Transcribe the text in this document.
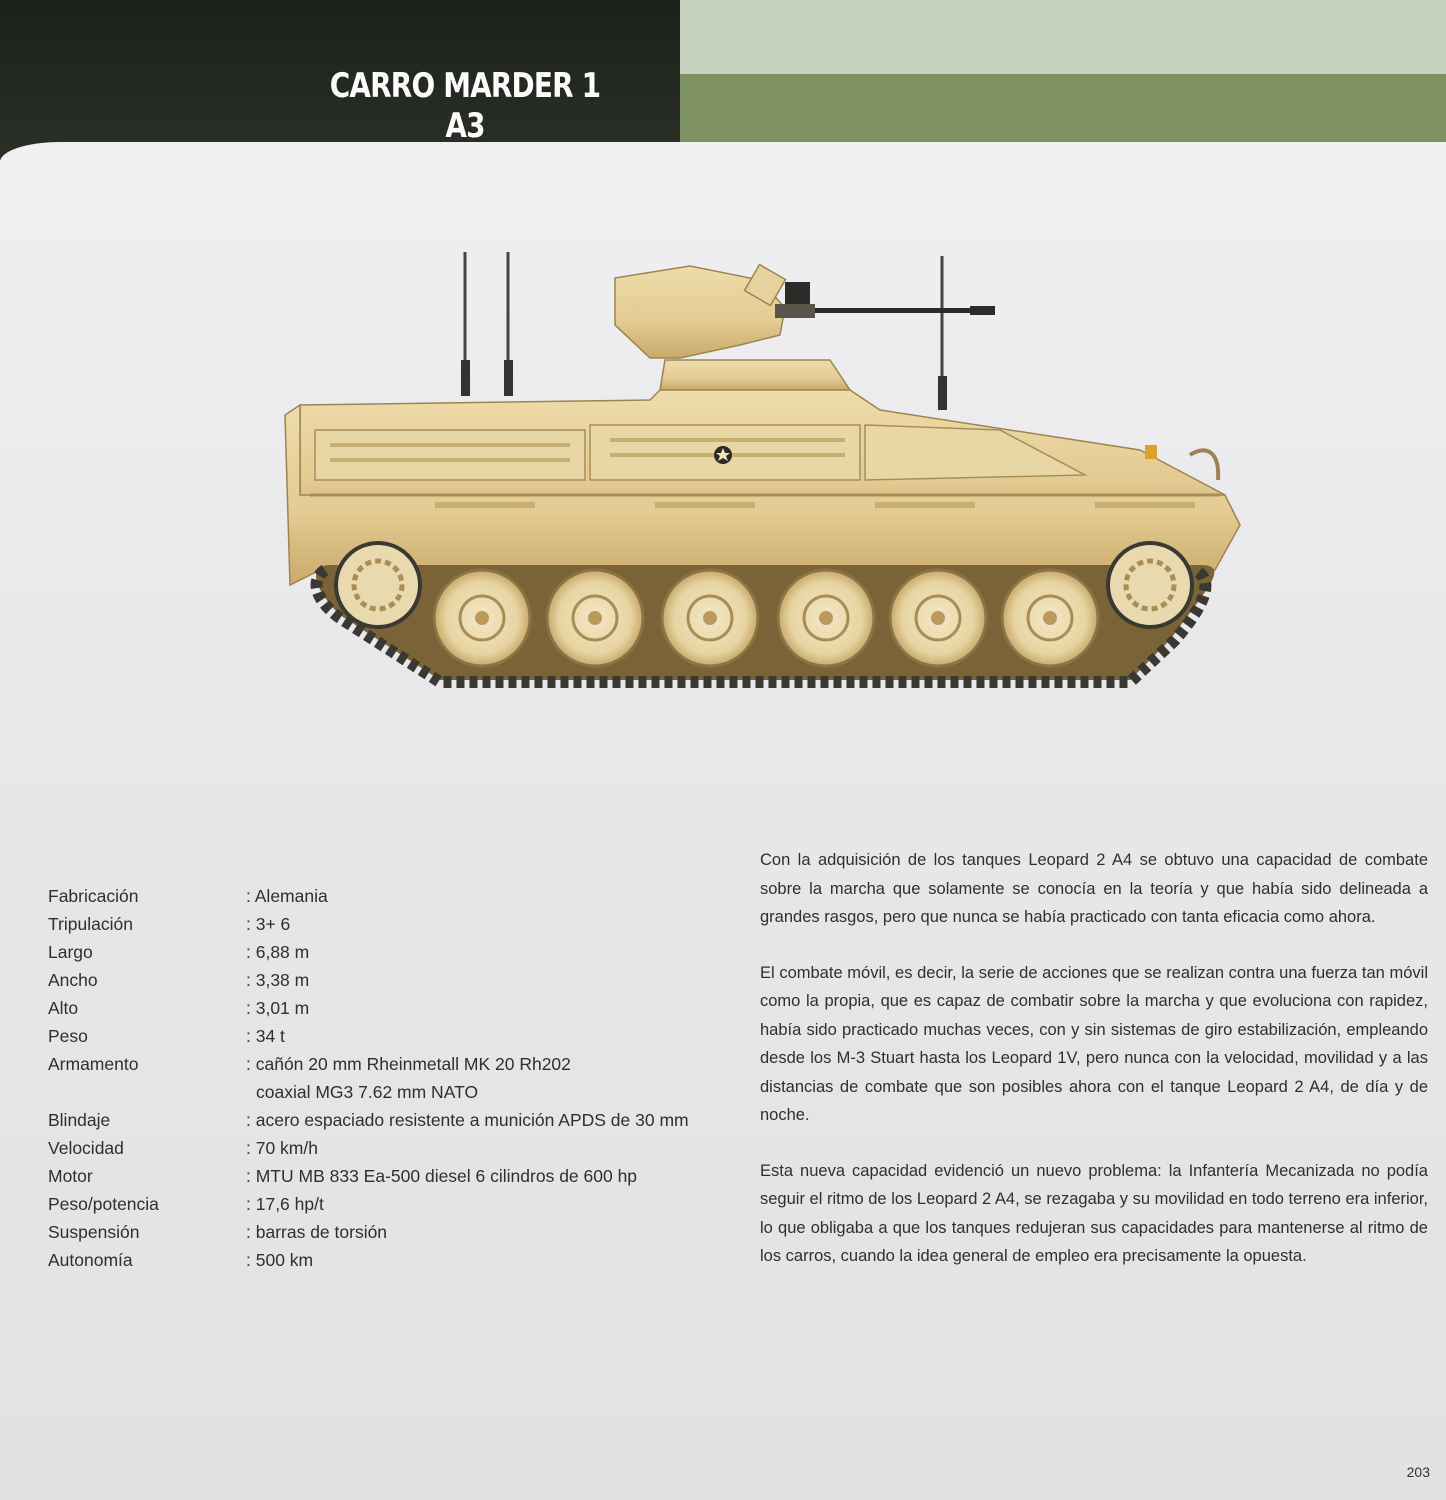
CARRO MARDER 1 A3
Fabricación	: Alemania
Tripulación	: 3+ 6
Largo	: 6,88 m
Ancho	: 3,38 m
Alto	: 3,01 m
Peso	: 34 t
Armamento	: cañón 20 mm Rheinmetall MK 20 Rh202 coaxial MG3 7.62 mm NATO
Blindaje	: acero espaciado resistente a munición APDS de 30 mm
Velocidad	: 70 km/h
Motor	: MTU MB 833 Ea-500 diesel 6 cilindros de 600 hp
Peso/potencia	: 17,6 hp/t
Suspensión	: barras de torsión
Autonomía	: 500 km

Con la adquisición de los tanques Leopard 2 A4 se obtuvo una capacidad de combate sobre la marcha que solamente se conocía en la teoría y que había sido delineada a grandes rasgos, pero que nunca se había practicado con tanta eficacia como ahora.

El combate móvil, es decir, la serie de acciones que se realizan contra una fuerza tan móvil como la propia, que es capaz de combatir sobre la marcha y que evoluciona con rapidez, había sido practicado muchas veces, con y sin sistemas de giro estabilización, empleando desde los M-3 Stuart hasta los Leopard 1V, pero nunca con la velocidad, movilidad y a las distancias de combate que son posibles ahora con el tanque Leopard 2 A4, de día y de noche.

Esta nueva capacidad evidenció un nuevo problema: la Infantería Mecanizada no podía seguir el ritmo de los Leopard 2 A4, se rezagaba y su movilidad en todo terreno era inferior, lo que obligaba a que los tanques redujeran sus capacidades para mantenerse al ritmo de los carros, cuando la idea general de empleo era precisamente la opuesta.

203
